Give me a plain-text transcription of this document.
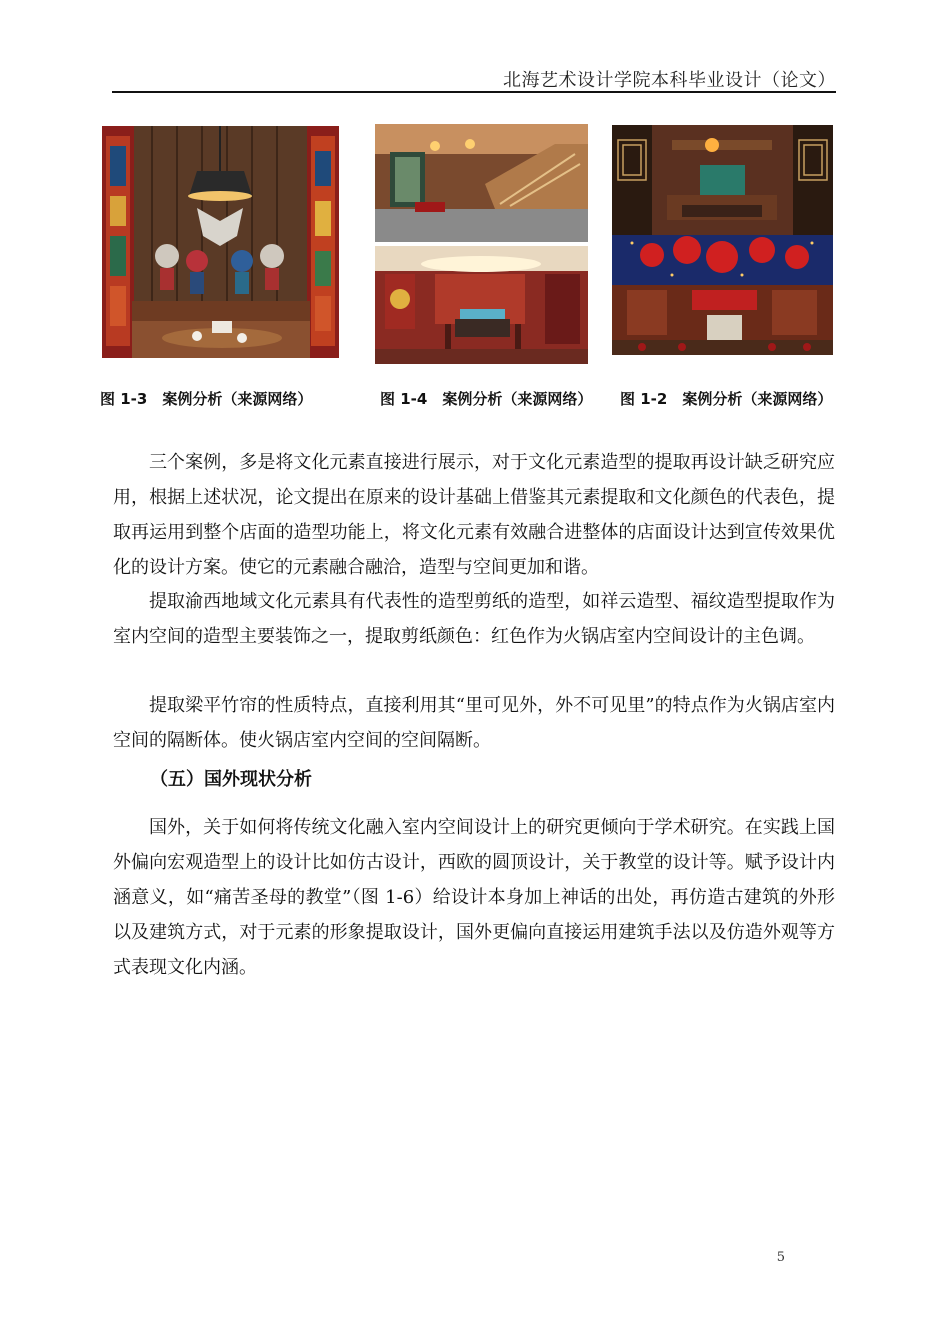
北海艺术设计学院本科毕业设计（论文）
图 1-3　案例分析（来源网络）	图 1-4　案例分析（来源网络） 图 1-2　案例分析（来源网络）

三个案例，多是将文化元素直接进行展示，对于文化元素造型的提取再设计缺乏研究应用，根据上述状况，论文提出在原来的设计基础上借鉴其元素提取和文化颜色的代表色，提取再运用到整个店面的造型功能上，将文化元素有效融合进整体的店面设计达到宣传效果优化的设计方案。使它的元素融合融洽，造型与空间更加和谐。

提取渝西地域文化元素具有代表性的造型剪纸的造型，如祥云造型、福纹造型提取作为室内空间的造型主要装饰之一，提取剪纸颜色：红色作为火锅店室内空间设计的主色调。

提取梁平竹帘的性质特点，直接利用其“里可见外，外不可见里”的特点作为火锅店室内空间的隔断体。使火锅店室内空间的空间隔断。

（五）国外现状分析

国外，关于如何将传统文化融入室内空间设计上的研究更倾向于学术研究。在实践上国外偏向宏观造型上的设计比如仿古设计，西欧的圆顶设计，关于教堂的设计等。赋予设计内涵意义，如“痛苦圣母的教堂”（图 1-6）给设计本身加上神话的出处，再仿造古建筑的外形以及建筑方式，对于元素的形象提取设计，国外更偏向直接运用建筑手法以及仿造外观等方式表现文化内涵。

5
